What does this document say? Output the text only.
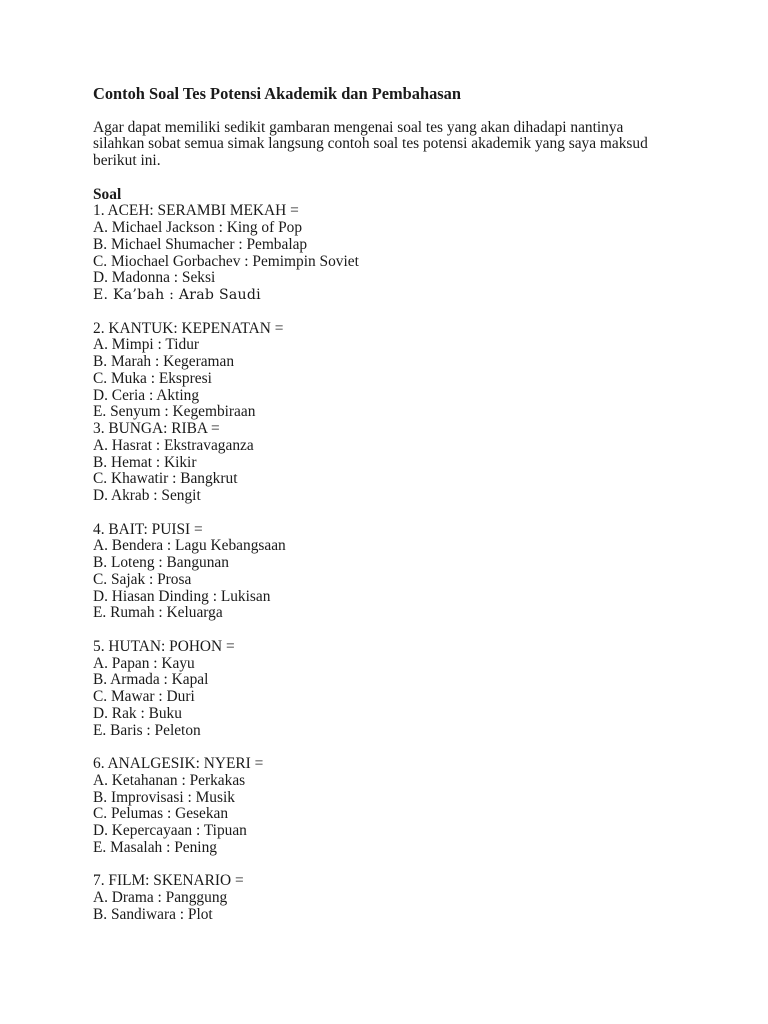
Contoh Soal Tes Potensi Akademik dan Pembahasan
Agar dapat memiliki sedikit gambaran mengenai soal tes yang akan dihadapi nantinya
silahkan sobat semua simak langsung contoh soal tes potensi akademik yang saya maksud
berikut ini.
Soal
1. ACEH: SERAMBI MEKAH =
A. Michael Jackson : King of Pop
B. Michael Shumacher : Pembalap
C. Miochael Gorbachev : Pemimpin Soviet
D. Madonna : Seksi
E. Ka’bah : Arab Saudi
2. KANTUK: KEPENATAN =
A. Mimpi : Tidur
B. Marah : Kegeraman
C. Muka : Ekspresi
D. Ceria : Akting
E. Senyum : Kegembiraan
3. BUNGA: RIBA =
A. Hasrat : Ekstravaganza
B. Hemat : Kikir
C. Khawatir : Bangkrut
D. Akrab : Sengit
4. BAIT: PUISI =
A. Bendera : Lagu Kebangsaan
B. Loteng : Bangunan
C. Sajak : Prosa
D. Hiasan Dinding : Lukisan
E. Rumah : Keluarga
5. HUTAN: POHON =
A. Papan : Kayu
B. Armada : Kapal
C. Mawar : Duri
D. Rak : Buku
E. Baris : Peleton
6. ANALGESIK: NYERI =
A. Ketahanan : Perkakas
B. Improvisasi : Musik
C. Pelumas : Gesekan
D. Kepercayaan : Tipuan
E. Masalah : Pening
7. FILM: SKENARIO =
A. Drama : Panggung
B. Sandiwara : Plot
